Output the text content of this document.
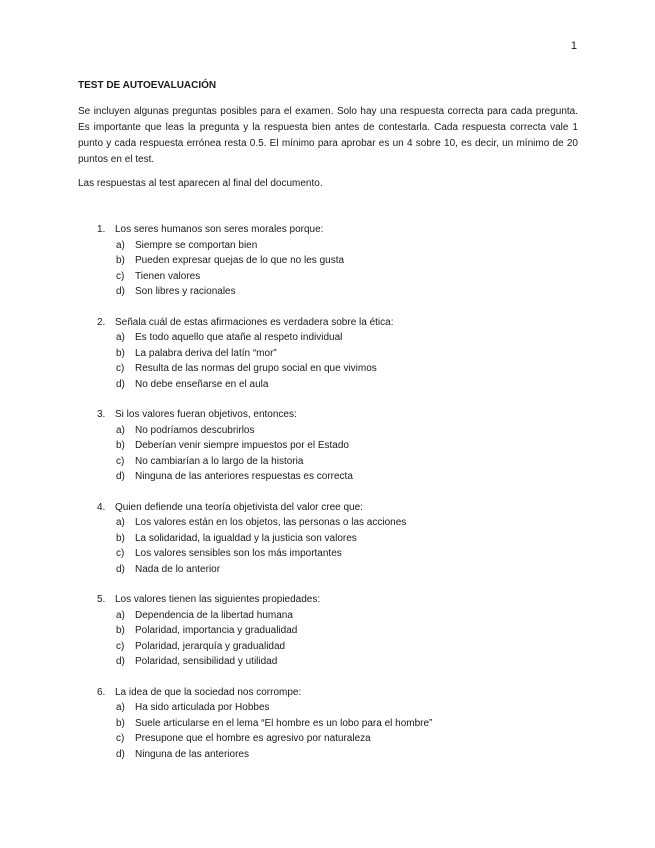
1
TEST DE AUTOEVALUACIÓN

Se incluyen algunas preguntas posibles para el examen. Solo hay una respuesta correcta para cada pregunta. Es importante que leas la pregunta y la respuesta bien antes de contestarla. Cada respuesta correcta vale 1 punto y cada respuesta errónea resta 0.5. El mínimo para aprobar es un 4 sobre 10, es decir, un mínimo de 20 puntos en el test.

Las respuestas al test aparecen al final del documento.

1. Los seres humanos son seres morales porque:
a)	Siempre se comportan bien
b)	Pueden expresar quejas de lo que no les gusta
c)	Tienen valores
d)	Son libres y racionales
2. Señala cuál de estas afirmaciones es verdadera sobre la ética:
a)	Es todo aquello que atañe al respeto individual
b)	La palabra deriva del latín “mor”
c)	Resulta de las normas del grupo social en que vivimos
d)	No debe enseñarse en el aula
3. Si los valores fueran objetivos, entonces:
a)	No podríamos descubrirlos
b)	Deberían venir siempre impuestos por el Estado
c)	No cambiarían a lo largo de la historia
d)	Ninguna de las anteriores respuestas es correcta
4. Quien defiende una teoría objetivista del valor cree que:
a)	Los valores están en los objetos, las personas o las acciones
b)	La solidaridad, la igualdad y la justicia son valores
c)	Los valores sensibles son los más importantes
d)	Nada de lo anterior
5. Los valores tienen las siguientes propiedades:
a)	Dependencia de la libertad humana
b)	Polaridad, importancia y gradualidad
c)	Polaridad, jerarquía y gradualidad
d)	Polaridad, sensibilidad y utilidad
6. La idea de que la sociedad nos corrompe:
a)	Ha sido articulada por Hobbes
b)	Suele articularse en el lema “El hombre es un lobo para el hombre”
c)	Presupone que el hombre es agresivo por naturaleza
d)	Ninguna de las anteriores
